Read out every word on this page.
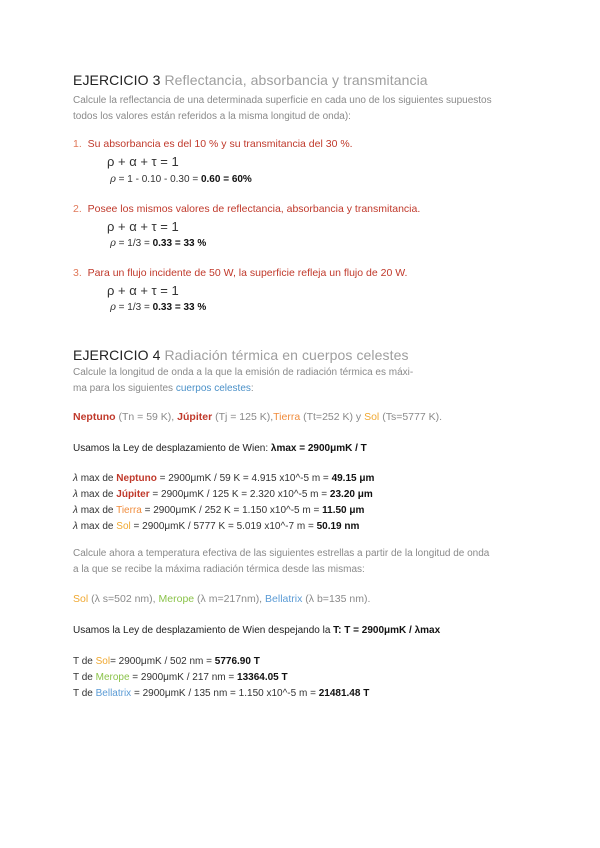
EJERCICIO 3 Reflectancia, absorbancia y transmitancia
Calcule la reflectancia de una determinada superficie en cada uno de los siguientes supuestos
todos los valores están referidos a la misma longitud de onda):
1. Su absorbancia es del 10 % y su transmitancia del 30 %.
ρ + α + τ = 1
ρ = 1 - 0.10 - 0.30 = 0.60 = 60%
2. Posee los mismos valores de reflectancia, absorbancia y transmitancia.
ρ + α + τ = 1
ρ = 1/3 = 0.33 = 33 %
3. Para un flujo incidente de 50 W, la superficie refleja un flujo de 20 W.
ρ + α + τ = 1
ρ = 1/3 = 0.33 = 33 %
EJERCICIO 4 Radiación térmica en cuerpos celestes
Calcule la longitud de onda a la que la emisión de radiación térmica es máxi-
ma para los siguientes cuerpos celestes:
Neptuno (Tn = 59 K), Júpiter (Tj = 125 K),Tierra (Tt=252 K) y Sol (Ts=5777 K).
Usamos la Ley de desplazamiento de Wien: λmax = 2900μmK / T
λ max de Neptuno = 2900μmK / 59 K = 4.915 x10^-5 m = 49.15 μm
λ max de Júpiter = 2900μmK / 125 K = 2.320 x10^-5 m = 23.20 μm
λ max de Tierra = 2900μmK / 252 K = 1.150 x10^-5 m = 11.50 μm
λ max de Sol = 2900μmK / 5777 K = 5.019 x10^-7 m = 50.19 nm
Calcule ahora a temperatura efectiva de las siguientes estrellas a partir de la longitud de onda
a la que se recibe la máxima radiación térmica desde las mismas:
Sol (λ s=502 nm), Merope (λ m=217nm), Bellatrix (λ b=135 nm).
Usamos la Ley de desplazamiento de Wien despejando la T: T = 2900μmK / λmax
T de Sol= 2900μmK / 502 nm = 5776.90 T
T de Merope = 2900μmK / 217 nm = 13364.05 T
T de Bellatrix = 2900μmK / 135 nm = 1.150 x10^-5 m = 21481.48 T
